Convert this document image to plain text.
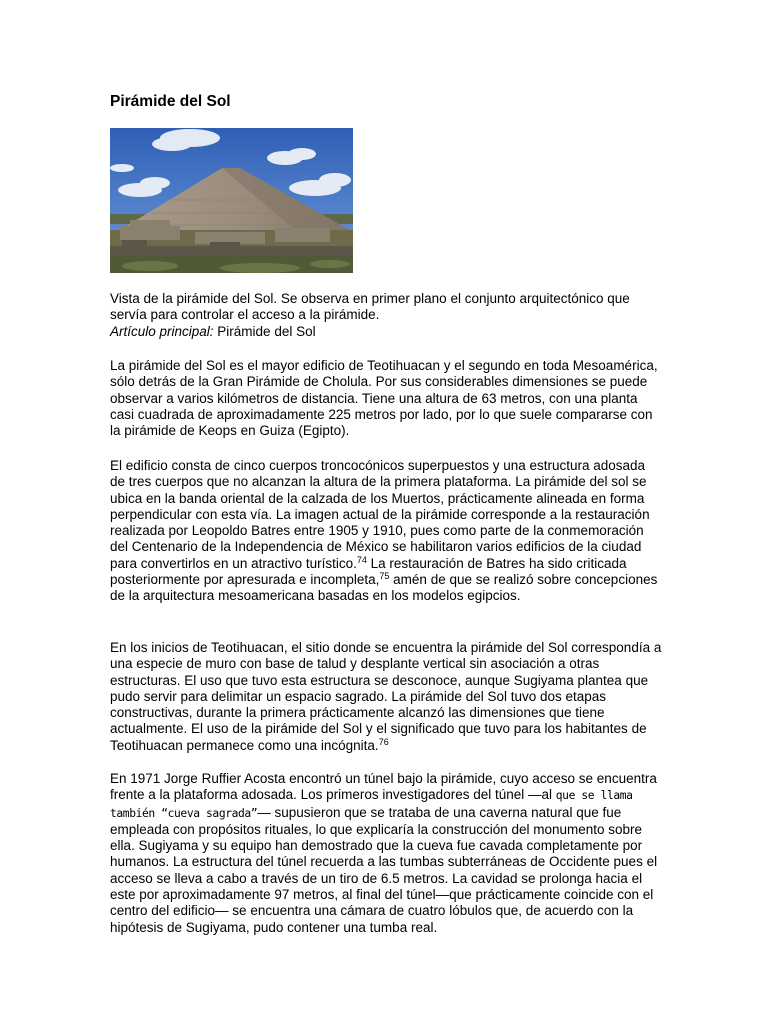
Pirámide del Sol

Vista de la pirámide del Sol. Se observa en primer plano el conjunto arquitectónico que servía para controlar el acceso a la pirámide.
Artículo principal: Pirámide del Sol

La pirámide del Sol es el mayor edificio de Teotihuacan y el segundo en toda Mesoamérica, sólo detrás de la Gran Pirámide de Cholula. Por sus considerables dimensiones se puede observar a varios kilómetros de distancia. Tiene una altura de 63 metros, con una planta casi cuadrada de aproximadamente 225 metros por lado, por lo que suele compararse con la pirámide de Keops en Guiza (Egipto).

El edificio consta de cinco cuerpos troncocónicos superpuestos y una estructura adosada de tres cuerpos que no alcanzan la altura de la primera plataforma. La pirámide del sol se ubica en la banda oriental de la calzada de los Muertos, prácticamente alineada en forma perpendicular con esta vía. La imagen actual de la pirámide corresponde a la restauración realizada por Leopoldo Batres entre 1905 y 1910, pues como parte de la conmemoración del Centenario de la Independencia de México se habilitaron varios edificios de la ciudad para convertirlos en un atractivo turístico.$^{74}$ La restauración de Batres ha sido criticada posteriormente por apresurada e incompleta,$^{75}$ amén de que se realizó sobre concepciones de la arquitectura mesoamericana basadas en los modelos egipcios.

En los inicios de Teotihuacan, el sitio donde se encuentra la pirámide del Sol correspondía a una especie de muro con base de talud y desplante vertical sin asociación a otras estructuras. El uso que tuvo esta estructura se desconoce, aunque Sugiyama plantea que pudo servir para delimitar un espacio sagrado. La pirámide del Sol tuvo dos etapas constructivas, durante la primera prácticamente alcanzó las dimensiones que tiene actualmente. El uso de la pirámide del Sol y el significado que tuvo para los habitantes de Teotihuacan permanece como una incógnita.$^{76}$

En 1971 Jorge Ruffier Acosta encontró un túnel bajo la pirámide, cuyo acceso se encuentra frente a la plataforma adosada. Los primeros investigadores del túnel —al que se llama también “cueva sagrada”— supusieron que se trataba de una caverna natural que fue empleada con propósitos rituales, lo que explicaría la construcción del monumento sobre ella. Sugiyama y su equipo han demostrado que la cueva fue cavada completamente por humanos. La estructura del túnel recuerda a las tumbas subterráneas de Occidente pues el acceso se lleva a cabo a través de un tiro de 6.5 metros. La cavidad se prolonga hacia el este por aproximadamente 97 metros, al final del túnel—que prácticamente coincide con el centro del edificio— se encuentra una cámara de cuatro lóbulos que, de acuerdo con la hipótesis de Sugiyama, pudo contener una tumba real.
